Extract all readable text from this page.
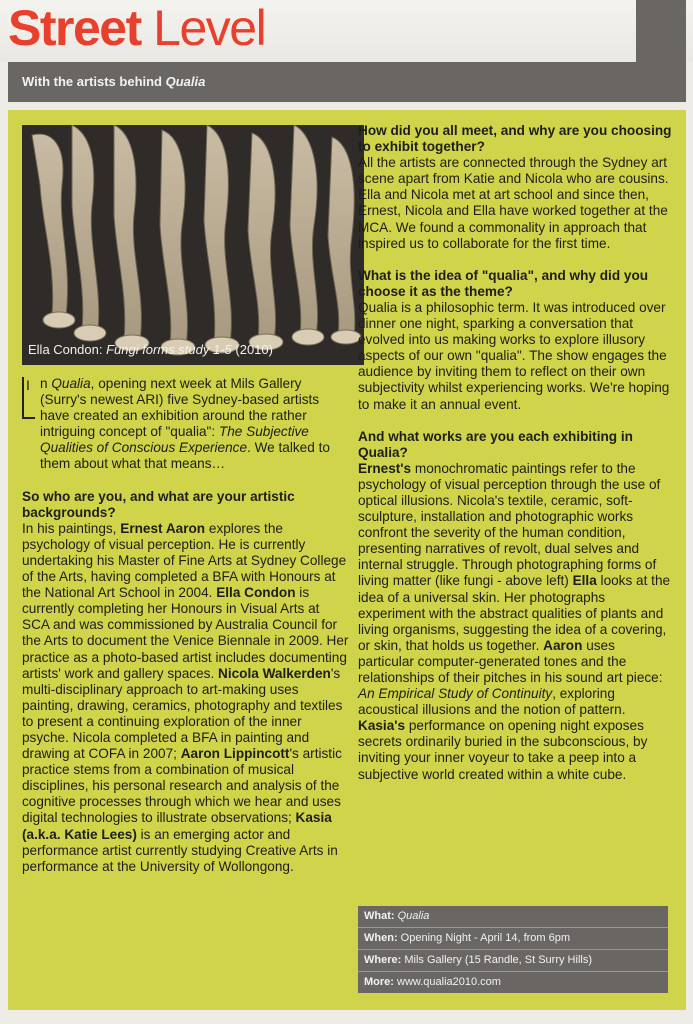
Street Level
With the artists behind Qualia
Ella Condon: Fungi forms study 1-5 (2010)
I n Qualia, opening next week at Mils Gallery (Surry's newest ARI) five Sydney-based artists have created an exhibition around the rather intriguing concept of "qualia": The Subjective Qualities of Conscious Experience. We talked to them about what that means…

So who are you, and what are your artistic backgrounds?

In his paintings, Ernest Aaron explores the psychology of visual perception. He is currently undertaking his Master of Fine Arts at Sydney College of the Arts, having completed a BFA with Honours at the National Art School in 2004. Ella Condon is currently completing her Honours in Visual Arts at SCA and was commissioned by Australia Council for the Arts to document the Venice Biennale in 2009. Her practice as a photo-based artist includes documenting artists' work and gallery spaces. Nicola Walkerden's multi-disciplinary approach to art-making uses painting, drawing, ceramics, photography and textiles to present a continuing exploration of the inner psyche. Nicola completed a BFA in painting and drawing at COFA in 2007; Aaron Lippincott's artistic practice stems from a combination of musical disciplines, his personal research and analysis of the cognitive processes through which we hear and uses digital technologies to illustrate observations; Kasia (a.k.a. Katie Lees) is an emerging actor and performance artist currently studying Creative Arts in performance at the University of Wollongong.

How did you all meet, and why are you choosing to exhibit together?

All the artists are connected through the Sydney art scene apart from Katie and Nicola who are cousins. Ella and Nicola met at art school and since then, Ernest, Nicola and Ella have worked together at the MCA. We found a commonality in approach that inspired us to collaborate for the first time.

What is the idea of "qualia", and why did you choose it as the theme?

Qualia is a philosophic term. It was introduced over dinner one night, sparking a conversation that evolved into us making works to explore illusory aspects of our own "qualia". The show engages the audience by inviting them to reflect on their own subjectivity whilst experiencing works. We're hoping to make it an annual event.

And what works are you each exhibiting in Qualia?

Ernest's monochromatic paintings refer to the psychology of visual perception through the use of optical illusions. Nicola's textile, ceramic, soft-sculpture, installation and photographic works confront the severity of the human condition, presenting narratives of revolt, dual selves and internal struggle. Through photographing forms of living matter (like fungi - above left) Ella looks at the idea of a universal skin. Her photographs experiment with the abstract qualities of plants and living organisms, suggesting the idea of a covering, or skin, that holds us together. Aaron uses particular computer-generated tones and the relationships of their pitches in his sound art piece: An Empirical Study of Continuity, exploring acoustical illusions and the notion of pattern. Kasia's performance on opening night exposes secrets ordinarily buried in the subconscious, by inviting your inner voyeur to take a peep into a subjective world created within a white cube.

What: Qualia
When: Opening Night - April 14, from 6pm
Where: Mils Gallery (15 Randle, St Surry Hills)
More: www.qualia2010.com
